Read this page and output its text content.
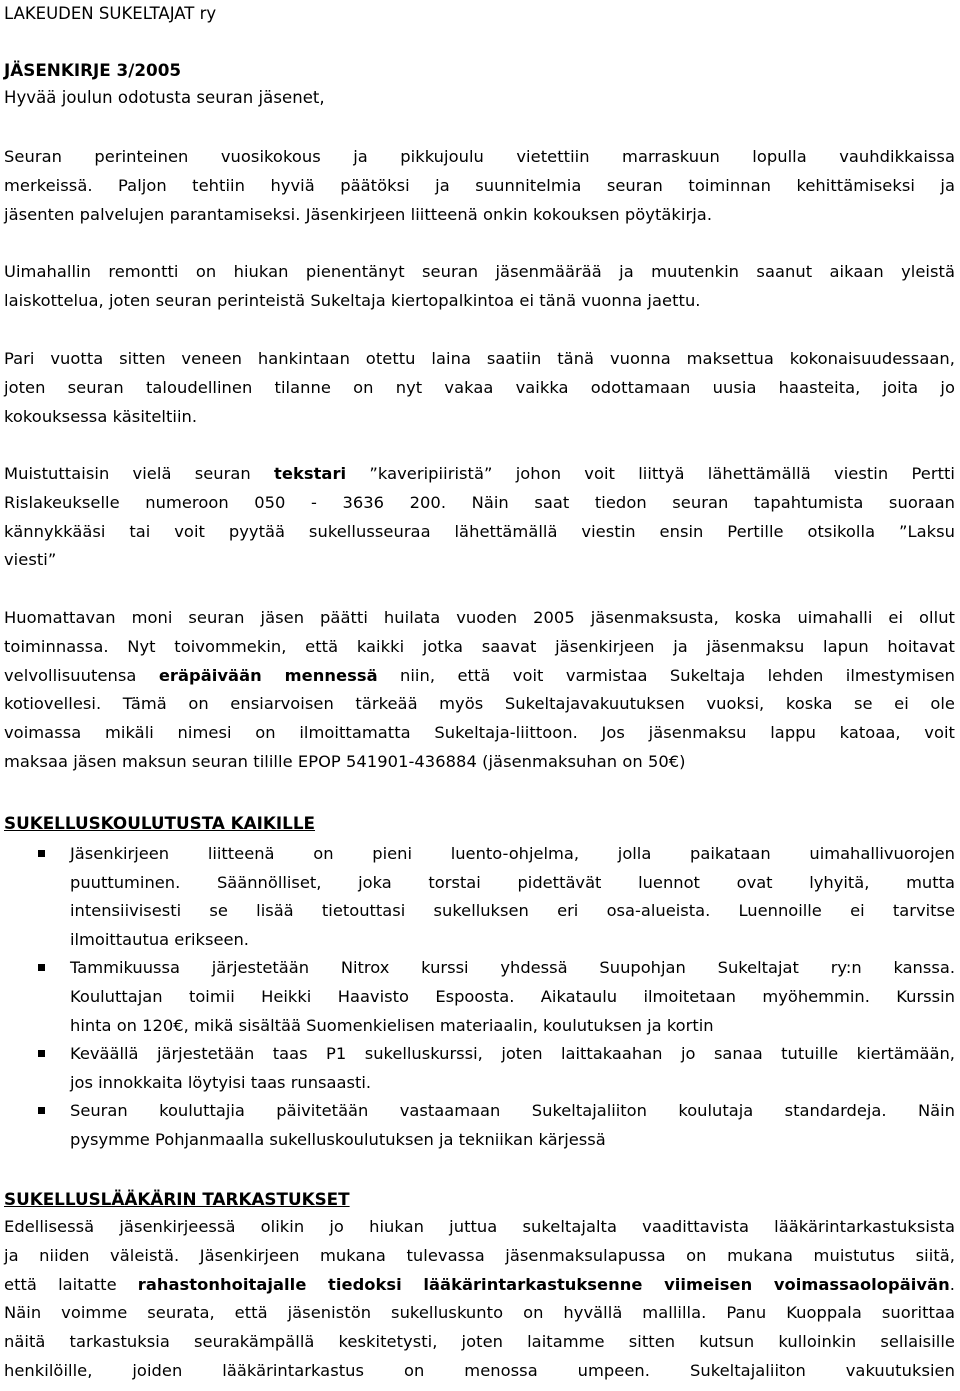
LAKEUDEN SUKELTAJAT ry
JÄSENKIRJE 3/2005
Hyvää joulun odotusta seuran jäsenet,
Seuran perinteinen vuosikokous ja pikkujoulu vietettiin marraskuun lopulla vauhdikkaissa
merkeissä. Paljon tehtiin hyviä päätöksi ja suunnitelmia seuran toiminnan kehittämiseksi ja
jäsenten palvelujen parantamiseksi. Jäsenkirjeen liitteenä onkin kokouksen pöytäkirja.
Uimahallin remontti on hiukan pienentänyt seuran jäsenmäärää ja muutenkin saanut aikaan yleistä
laiskottelua, joten seuran perinteistä Sukeltaja kiertopalkintoa ei tänä vuonna jaettu.
Pari vuotta sitten veneen hankintaan otettu laina saatiin tänä vuonna maksettua kokonaisuudessaan,
joten seuran taloudellinen tilanne on nyt vakaa vaikka odottamaan uusia haasteita, joita jo
kokouksessa käsiteltiin.
Muistuttaisin vielä seuran tekstari ”kaveripiiristä” johon voit liittyä lähettämällä viestin Pertti
Rislakeukselle numeroon 050 - 3636 200. Näin saat tiedon seuran tapahtumista suoraan
kännykkääsi tai voit pyytää sukellusseuraa lähettämällä viestin ensin Pertille otsikolla ”Laksu
viesti”
Huomattavan moni seuran jäsen päätti huilata vuoden 2005 jäsenmaksusta, koska uimahalli ei ollut
toiminnassa. Nyt toivommekin, että kaikki jotka saavat jäsenkirjeen ja jäsenmaksu lapun hoitavat
velvollisuutensa eräpäivään mennessä niin, että voit varmistaa Sukeltaja lehden ilmestymisen
kotiovellesi. Tämä on ensiarvoisen tärkeää myös Sukeltajavakuutuksen vuoksi, koska se ei ole
voimassa mikäli nimesi on ilmoittamatta Sukeltaja-liittoon. Jos jäsenmaksu lappu katoaa, voit
maksaa jäsen maksun seuran tilille EPOP 541901-436884 (jäsenmaksuhan on 50€)
SUKELLUSKOULUTUSTA KAIKILLE
Jäsenkirjeen liitteenä on pieni luento-ohjelma, jolla paikataan uimahallivuorojen
puuttuminen. Säännölliset, joka torstai pidettävät luennot ovat lyhyitä, mutta
intensiivisesti se lisää tietouttasi sukelluksen eri osa-alueista. Luennoille ei tarvitse
ilmoittautua erikseen.
Tammikuussa järjestetään Nitrox kurssi yhdessä Suupohjan Sukeltajat ry:n kanssa.
Kouluttajan toimii Heikki Haavisto Espoosta. Aikataulu ilmoitetaan myöhemmin. Kurssin
hinta on 120€, mikä sisältää Suomenkielisen materiaalin, koulutuksen ja kortin
Keväällä järjestetään taas P1 sukelluskurssi, joten laittakaahan jo sanaa tutuille kiertämään,
jos innokkaita löytyisi taas runsaasti.
Seuran kouluttajia päivitetään vastaamaan Sukeltajaliiton koulutaja standardeja. Näin
pysymme Pohjanmaalla sukelluskoulutuksen ja tekniikan kärjessä
SUKELLUSLÄÄKÄRIN TARKASTUKSET
Edellisessä jäsenkirjeessä olikin jo hiukan juttua sukeltajalta vaadittavista lääkärintarkastuksista
ja niiden väleistä. Jäsenkirjeen mukana tulevassa jäsenmaksulapussa on mukana muistutus siitä,
että laitatte rahastonhoitajalle tiedoksi lääkärintarkastuksenne viimeisen voimassaolopäivän.
Näin voimme seurata, että jäsenistön sukelluskunto on hyvällä mallilla. Panu Kuoppala suorittaa
näitä tarkastuksia seurakämpällä keskitetysti, joten laitamme sitten kutsun kulloinkin sellaisille
henkilöille, joiden lääkärintarkastus on menossa umpeen. Sukeltajaliiton vakuutuksien
